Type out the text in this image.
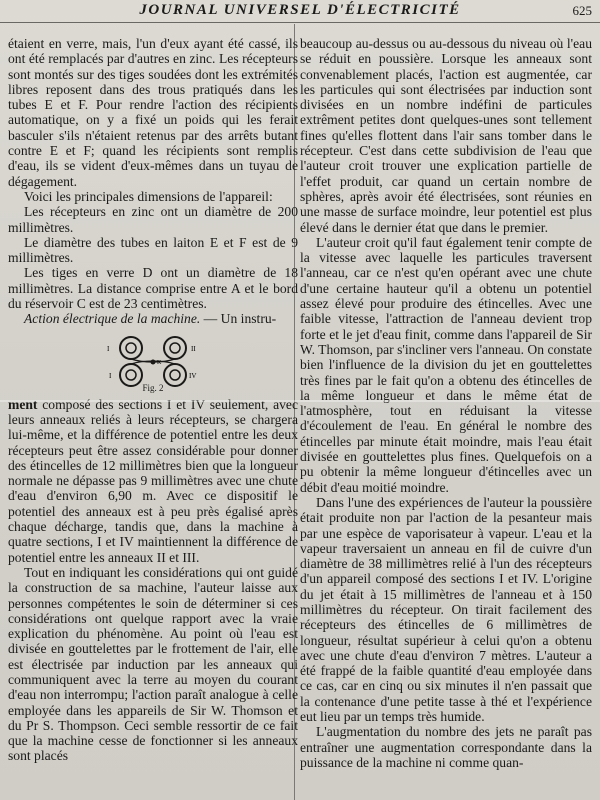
JOURNAL UNIVERSEL D'ÉLECTRICITÉ	625

étaient en verre, mais, l'un d'eux ayant été cassé, ils ont été remplacés par d'autres en zinc. Les récepteurs sont montés sur des tiges soudées dont les extrémités libres reposent dans des trous pratiqués dans les tubes E et F. Pour rendre l'action des récipients automatique, on y a fixé un poids qui les ferait basculer s'ils n'étaient retenus par des arrêts butant contre E et F; quand les récipients sont remplis d'eau, ils se vident d'eux-mêmes dans un tuyau de dégagement.

Voici les principales dimensions de l'appareil:

Les récepteurs en zinc ont un diamètre de 200 millimètres.

Le diamètre des tubes en laiton E et F est de 9 millimètres.

Les tiges en verre D ont un diamètre de 18 millimètres. La distance comprise entre A et le bord du réservoir C est de 23 centimètres.

Action électrique de la machine. — Un instru-

I	II
I	IV
K
Fig. 2

ment composé des sections I et IV seulement, avec leurs anneaux reliés à leurs récepteurs, se chargera lui-même, et la différence de potentiel entre les deux récepteurs peut être assez considérable pour donner des étincelles de 12 millimètres bien que la longueur normale ne dépasse pas 9 millimètres avec une chute d'eau d'environ 6,90 m. Avec ce dispositif le potentiel des anneaux est à peu près égalisé après chaque décharge, tandis que, dans la machine à quatre sections, I et IV maintiennent la différence de potentiel entre les anneaux II et III.

Tout en indiquant les considérations qui ont guidé la construction de sa machine, l'auteur laisse aux personnes compétentes le soin de déterminer si ces considérations ont quelque rapport avec la vraie explication du phénomène. Au point où l'eau est divisée en gouttelettes par le frottement de l'air, elle est électrisée par induction par les anneaux qui communiquent avec la terre au moyen du courant d'eau non interrompu; l'action paraît analogue à celle employée dans les appareils de Sir W. Thomson et du Pr S. Thompson. Ceci semble ressortir de ce fait que la machine cesse de fonctionner si les anneaux sont placés

beaucoup au-dessus ou au-dessous du niveau où l'eau se réduit en poussière. Lorsque les anneaux sont convenablement placés, l'action est augmentée, car les particules qui sont électrisées par induction sont divisées en un nombre indéfini de particules extrêment petites dont quelques-unes sont tellement fines qu'elles flottent dans l'air sans tomber dans le récepteur. C'est dans cette subdivision de l'eau que l'auteur croit trouver une explication partielle de l'effet produit, car quand un certain nombre de sphères, après avoir été électrisées, sont réunies en une masse de surface moindre, leur potentiel est plus élevé dans le dernier état que dans le premier.

L'auteur croit qu'il faut également tenir compte de la vitesse avec laquelle les particules traversent l'anneau, car ce n'est qu'en opérant avec une chute d'une certaine hauteur qu'il a obtenu un potentiel assez élevé pour produire des étincelles. Avec une faible vitesse, l'attraction de l'anneau devient trop forte et le jet d'eau finit, comme dans l'appareil de Sir W. Thomson, par s'incliner vers l'anneau. On constate bien l'influence de la division du jet en gouttelettes très fines par le fait qu'on a obtenu des étincelles de la même longueur et dans le même état de l'atmosphère, tout en réduisant la vitesse d'écoulement de l'eau. En général le nombre des étincelles par minute était moindre, mais l'eau était divisée en gouttelettes plus fines. Quelquefois on a pu obtenir la même longueur d'étincelles avec un débit d'eau moitié moindre.

Dans l'une des expériences de l'auteur la poussière était produite non par l'action de la pesanteur mais par une espèce de vaporisateur à vapeur. L'eau et la vapeur traversaient un anneau en fil de cuivre d'un diamètre de 38 millimètres relié à l'un des récepteurs d'un appareil composé des sections I et IV. L'origine du jet était à 15 millimètres de l'anneau et à 150 millimètres du récepteur. On tirait facilement des récepteurs des étincelles de 6 millimètres de longueur, résultat supérieur à celui qu'on a obtenu avec une chute d'eau d'environ 7 mètres. L'auteur a été frappé de la faible quantité d'eau employée dans ce cas, car en cinq ou six minutes il n'en passait que la contenance d'une petite tasse à thé et l'expérience eut lieu par un temps très humide.

L'augmentation du nombre des jets ne paraît pas entraîner une augmentation correspondante dans la puissance de la machine ni comme quan-
